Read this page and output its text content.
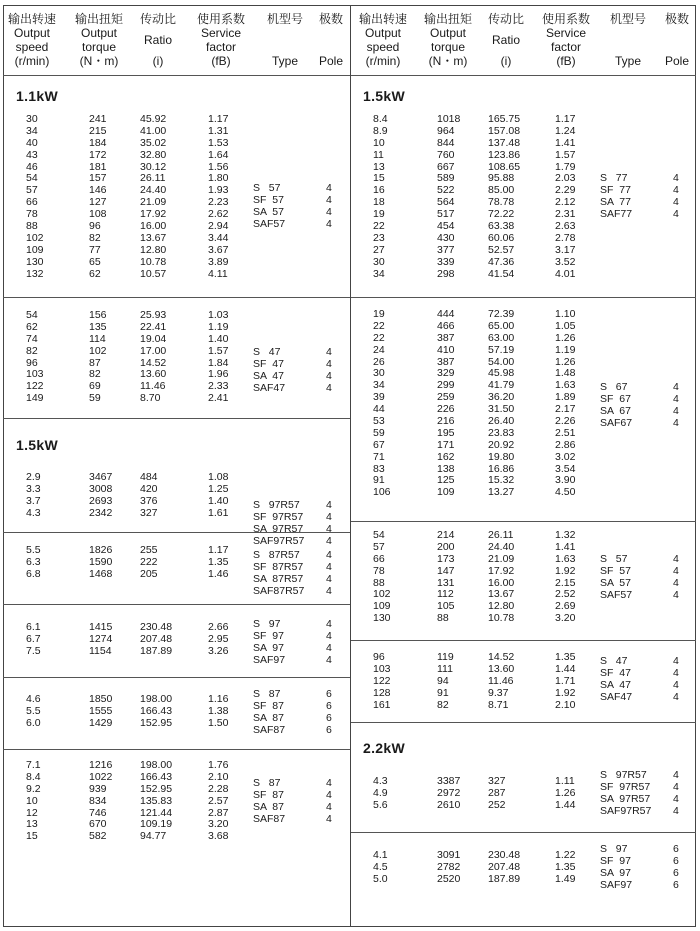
输出转速
Output
speed
(r/min)
输出扭矩
Output
torque
(N・m)
传动比
Ratio
(i)
使用系数
Service
factor
(fB)
机型号
Type
极数
Pole
输出转速
Output
speed
(r/min)
输出扭矩
Output
torque
(N・m)
传动比
Ratio
(i)
使用系数
Service
factor
(fB)
机型号
Type
极数
Pole
1.1kW
1.5kW
1.5kW
2.2kW
30
34
40
43
46
54
57
66
78
88
102
109
130
132
241
215
184
172
181
157
146
127
108
96
82
77
65
62
45.92
41.00
35.02
32.80
30.12
26.11
24.40
21.09
17.92
16.00
13.67
12.80
10.78
10.57
1.17
1.31
1.53
1.64
1.56
1.80
1.93
2.23
2.62
2.94
3.44
3.67
3.89
4.11
S   57
SF  57
SA  57
SAF57
4
4
4
4
54
62
74
82
96
103
122
149
156
135
114
102
87
82
69
59
25.93
22.41
19.04
17.00
14.52
13.60
11.46
8.70
1.03
1.19
1.40
1.57
1.84
1.96
2.33
2.41
S   47
SF  47
SA  47
SAF47
4
4
4
4
2.9
3.3
3.7
4.3
3467
3008
2693
2342
484
420
376
327
1.08
1.25
1.40
1.61
S   97R57
SF  97R57
SA  97R57
SAF97R57
4
4
4
4
5.5
6.3
6.8
1826
1590
1468
255
222
205
1.17
1.35
1.46
S   87R57
SF  87R57
SA  87R57
SAF87R57
4
4
4
4
6.1
6.7
7.5
1415
1274
1154
230.48
207.48
187.89
2.66
2.95
3.26
S   97
SF  97
SA  97
SAF97
4
4
4
4
4.6
5.5
6.0
1850
1555
1429
198.00
166.43
152.95
1.16
1.38
1.50
S   87
SF  87
SA  87
SAF87
6
6
6
6
7.1
8.4
9.2
10
12
13
15
1216
1022
939
834
746
670
582
198.00
166.43
152.95
135.83
121.44
109.19
94.77
1.76
2.10
2.28
2.57
2.87
3.20
3.68
S   87
SF  87
SA  87
SAF87
4
4
4
4
8.4
8.9
10
11
13
15
16
18
19
22
23
27
30
34
1018
964
844
760
667
589
522
564
517
454
430
377
339
298
165.75
157.08
137.48
123.86
108.65
95.88
85.00
78.78
72.22
63.38
60.06
52.57
47.36
41.54
1.17
1.24
1.41
1.57
1.79
2.03
2.29
2.12
2.31
2.63
2.78
3.17
3.52
4.01
S   77
SF  77
SA  77
SAF77
4
4
4
4
19
22
22
24
26
30
34
39
44
53
59
67
71
83
91
106
444
466
387
410
387
329
299
259
226
216
195
171
162
138
125
109
72.39
65.00
63.00
57.19
54.00
45.98
41.79
36.20
31.50
26.40
23.83
20.92
19.80
16.86
15.32
13.27
1.10
1.05
1.26
1.19
1.26
1.48
1.63
1.89
2.17
2.26
2.51
2.86
3.02
3.54
3.90
4.50
S   67
SF  67
SA  67
SAF67
4
4
4
4
54
57
66
78
88
102
109
130
214
200
173
147
131
112
105
88
26.11
24.40
21.09
17.92
16.00
13.67
12.80
10.78
1.32
1.41
1.63
1.92
2.15
2.52
2.69
3.20
S   57
SF  57
SA  57
SAF57
4
4
4
4
96
103
122
128
161
119
111
94
91
82
14.52
13.60
11.46
9.37
8.71
1.35
1.44
1.71
1.92
2.10
S   47
SF  47
SA  47
SAF47
4
4
4
4
4.3
4.9
5.6
3387
2972
2610
327
287
252
1.11
1.26
1.44
S   97R57
SF  97R57
SA  97R57
SAF97R57
4
4
4
4
4.1
4.5
5.0
3091
2782
2520
230.48
207.48
187.89
1.22
1.35
1.49
S   97
SF  97
SA  97
SAF97
6
6
6
6
